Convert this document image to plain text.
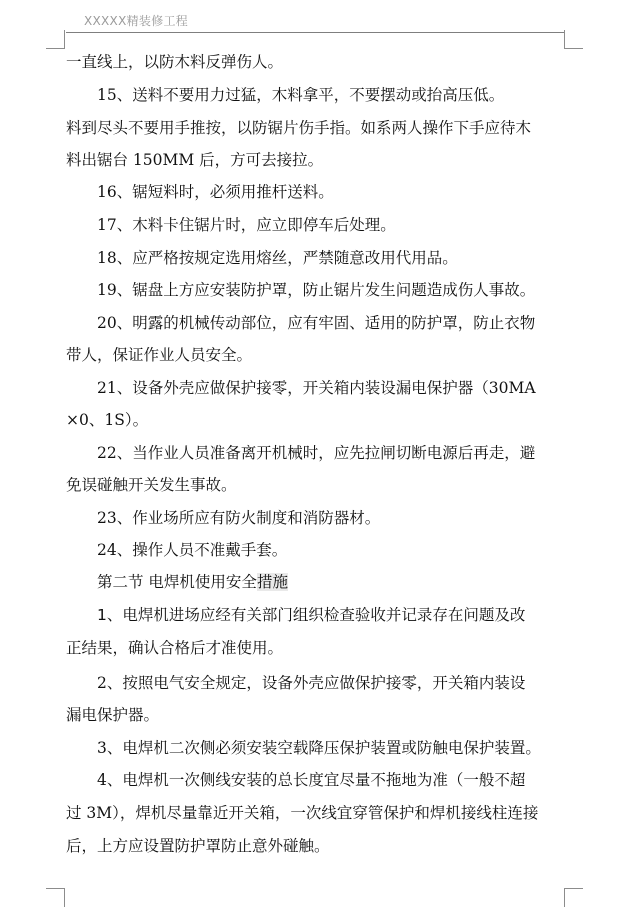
XXXXX精装修工程
一直线上，以防木料反弹伤人。
15、送料不要用力过猛，木料拿平，不要摆动或抬高压低。
料到尽头不要用手推按，以防锯片伤手指。如系两人操作下手应待木
料出锯台 150MM 后，方可去接拉。
16、锯短料时，必须用推杆送料。
17、木料卡住锯片时，应立即停车后处理。
18、应严格按规定选用熔丝，严禁随意改用代用品。
19、锯盘上方应安装防护罩，防止锯片发生问题造成伤人事故。
20、明露的机械传动部位，应有牢固、适用的防护罩，防止衣物
带人，保证作业人员安全。
21、设备外壳应做保护接零，开关箱内装设漏电保护器（30MA
×0、1S）。
22、当作业人员准备离开机械时，应先拉闸切断电源后再走，避
免误碰触开关发生事故。
23、作业场所应有防火制度和消防器材。
24、操作人员不准戴手套。
第二节 电焊机使用安全措施
1、电焊机进场应经有关部门组织检查验收并记录存在问题及改
正结果，确认合格后才准使用。
2、按照电气安全规定，设备外壳应做保护接零，开关箱内装设
漏电保护器。
3、电焊机二次侧必须安装空载降压保护装置或防触电保护装置。
4、电焊机一次侧线安装的总长度宜尽量不拖地为准（一般不超
过 3M），焊机尽量靠近开关箱，一次线宜穿管保护和焊机接线柱连接
后，上方应设置防护罩防止意外碰触。
